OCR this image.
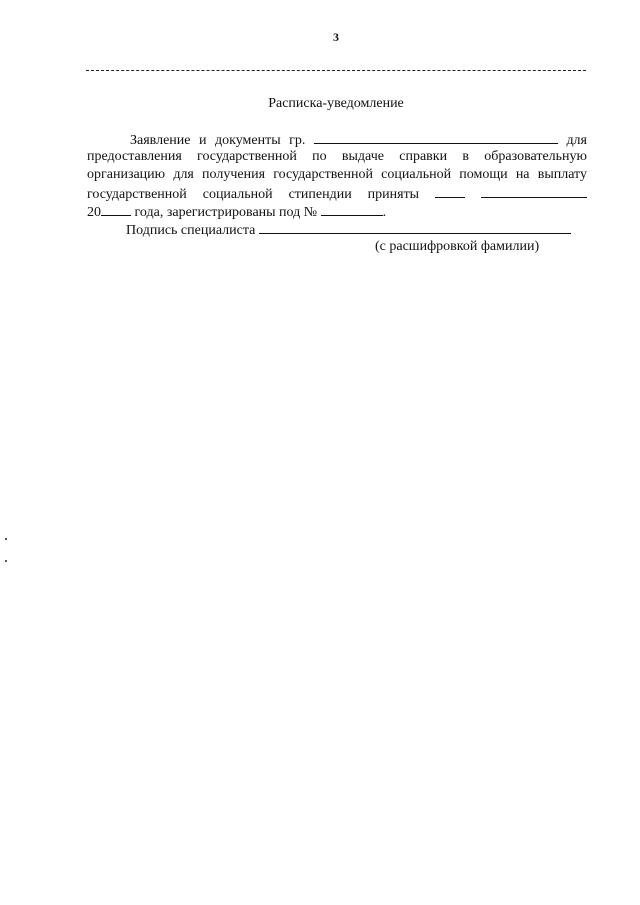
3
Расписка-уведомление
Заявление и документы гр.	для
предоставления государственной по выдаче справки в образовательную
организацию для получения государственной социальной помощи на выплату
государственной социальной стипендии приняты
20 года, зарегистрированы под №	.
Подпись специалиста
(с расшифровкой фамилии)
